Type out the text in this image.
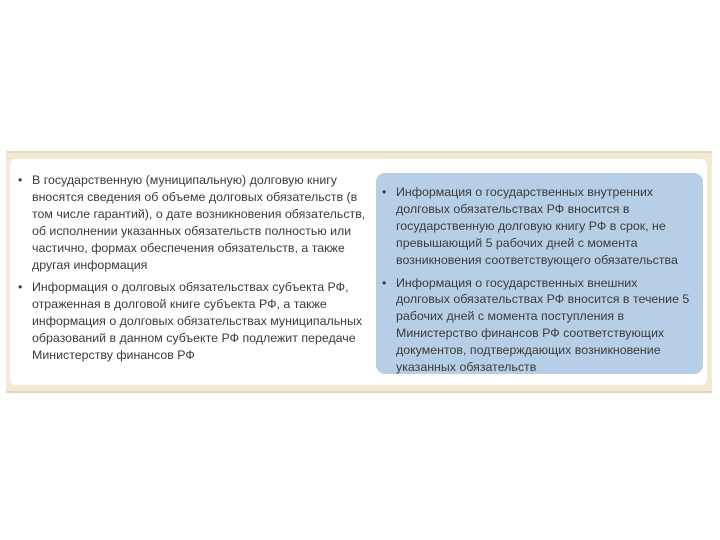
• В государственную (муниципальную) долговую книгу вносятся сведения об объеме долговых обязательств (в том числе гарантий), о дате возникновения обязательств, об исполнении указанных обязательств полностью или частично, формах обеспечения обязательств, а также другая информация
• Информация о долговых обязательствах субъекта РФ, отраженная в долговой книге субъекта РФ, а также информация о долговых обязательствах муниципальных образований в данном субъекте РФ подлежит передаче Министерству финансов РФ
• Информация о государственных внутренних долговых обязательствах РФ вносится в государственную долговую книгу РФ в срок, не превышающий 5 рабочих дней с момента возникновения соответствующего обязательства
• Информация о государственных внешних долговых обязательствах РФ вносится в течение 5 рабочих дней с момента поступления в Министерство финансов РФ соответствующих документов, подтверждающих возникновение указанных обязательств
